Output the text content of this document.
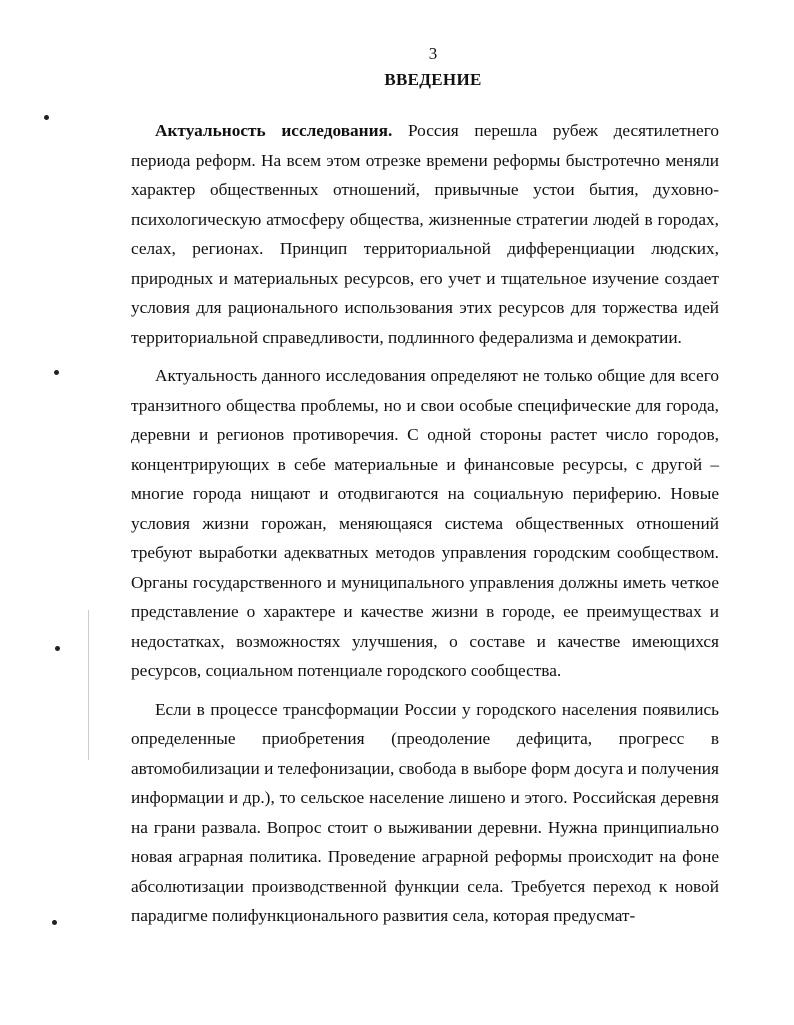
3
ВВЕДЕНИЕ

Актуальность исследования. Россия перешла рубеж десятилетнего периода реформ. На всем этом отрезке времени реформы быстротечно меняли характер общественных отношений, привычные устои бытия, духовно-психологическую атмосферу общества, жизненные стратегии людей в городах, селах, регионах. Принцип территориальной дифференциации людских, природных и материальных ресурсов, его учет и тщательное изучение создает условия для рационального использования этих ресурсов для торжества идей территориальной справедливости, подлинного федерализма и демократии.

Актуальность данного исследования определяют не только общие для всего транзитного общества проблемы, но и свои особые специфические для города, деревни и регионов противоречия. С одной стороны растет число городов, концентрирующих в себе материальные и финансовые ресурсы, с другой – многие города нищают и отодвигаются на социальную периферию. Новые условия жизни горожан, меняющаяся система общественных отношений требуют выработки адекватных методов управления городским сообществом. Органы государственного и муниципального управления должны иметь четкое представление о характере и качестве жизни в городе, ее преимуществах и недостатках, возможностях улучшения, о составе и качестве имеющихся ресурсов, социальном потенциале городского сообщества.

Если в процессе трансформации России у городского населения появились определенные приобретения (преодоление дефицита, прогресс в автомобилизации и телефонизации, свобода в выборе форм досуга и получения информации и др.), то сельское население лишено и этого. Российская деревня на грани развала. Вопрос стоит о выживании деревни. Нужна принципиально новая аграрная политика. Проведение аграрной реформы происходит на фоне абсолютизации производственной функции села. Требуется переход к новой парадигме полифункционального развития села, которая предусмат-
